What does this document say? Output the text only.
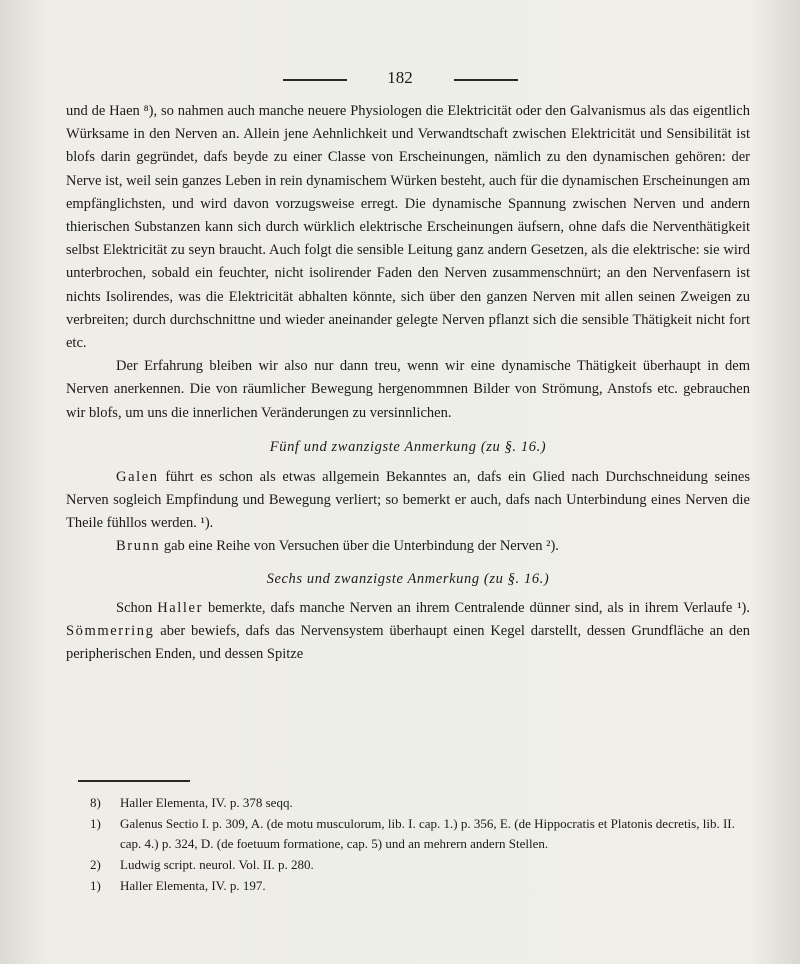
182

und de Haen ⁸), so nahmen auch manche neuere Physiologen die Elektricität oder den Galvanismus als das eigentlich Würksame in den Nerven an. Allein jene Aehnlichkeit und Verwandtschaft zwischen Elektricität und Sensibilität ist blofs darin gegründet, dafs beyde zu einer Classe von Erscheinungen, nämlich zu den dynamischen gehören: der Nerve ist, weil sein ganzes Leben in rein dynamischem Würken besteht, auch für die dynamischen Erscheinungen am empfänglichsten, und wird davon vorzugsweise erregt. Die dynamische Spannung zwischen Nerven und andern thierischen Substanzen kann sich durch würklich elektrische Erscheinungen äufsern, ohne dafs die Nerventhätigkeit selbst Elektricität zu seyn braucht. Auch folgt die sensible Leitung ganz andern Gesetzen, als die elektrische: sie wird unterbrochen, sobald ein feuchter, nicht isolirender Faden den Nerven zusammenschnürt; an den Nervenfasern ist nichts Isolirendes, was die Elektricität abhalten könnte, sich über den ganzen Nerven mit allen seinen Zweigen zu verbreiten; durch durchschnittne und wieder aneinander gelegte Nerven pflanzt sich die sensible Thätigkeit nicht fort etc.

Der Erfahrung bleiben wir also nur dann treu, wenn wir eine dynamische Thätigkeit überhaupt in dem Nerven anerkennen. Die von räumlicher Bewegung hergenommnen Bilder von Strömung, Anstofs etc. gebrauchen wir blofs, um uns die innerlichen Veränderungen zu versinnlichen.

Fünf und zwanzigste Anmerkung (zu §. 16.)

Galen führt es schon als etwas allgemein Bekanntes an, dafs ein Glied nach Durchschneidung seines Nerven sogleich Empfindung und Bewegung verliert; so bemerkt er auch, dafs nach Unterbindung eines Nerven die Theile fühllos werden. ¹).

Brunn gab eine Reihe von Versuchen über die Unterbindung der Nerven ²).

Sechs und zwanzigste Anmerkung (zu §. 16.)

Schon Haller bemerkte, dafs manche Nerven an ihrem Centralende dünner sind, als in ihrem Verlaufe ¹). Sömmerring aber bewiefs, dafs das Nervensystem überhaupt einen Kegel darstellt, dessen Grundfläche an den peripherischen Enden, und dessen Spitze

8) Haller Elementa, IV. p. 378 seqq.

1) Galenus Sectio I. p. 309, A. (de motu musculorum, lib. I. cap. 1.) p. 356, E. (de Hippocratis et Platonis decretis, lib. II. cap. 4.) p. 324, D. (de foetuum formatione, cap. 5) und an mehrern andern Stellen.

2) Ludwig script. neurol. Vol. II. p. 280.

1) Haller Elementa, IV. p. 197.
